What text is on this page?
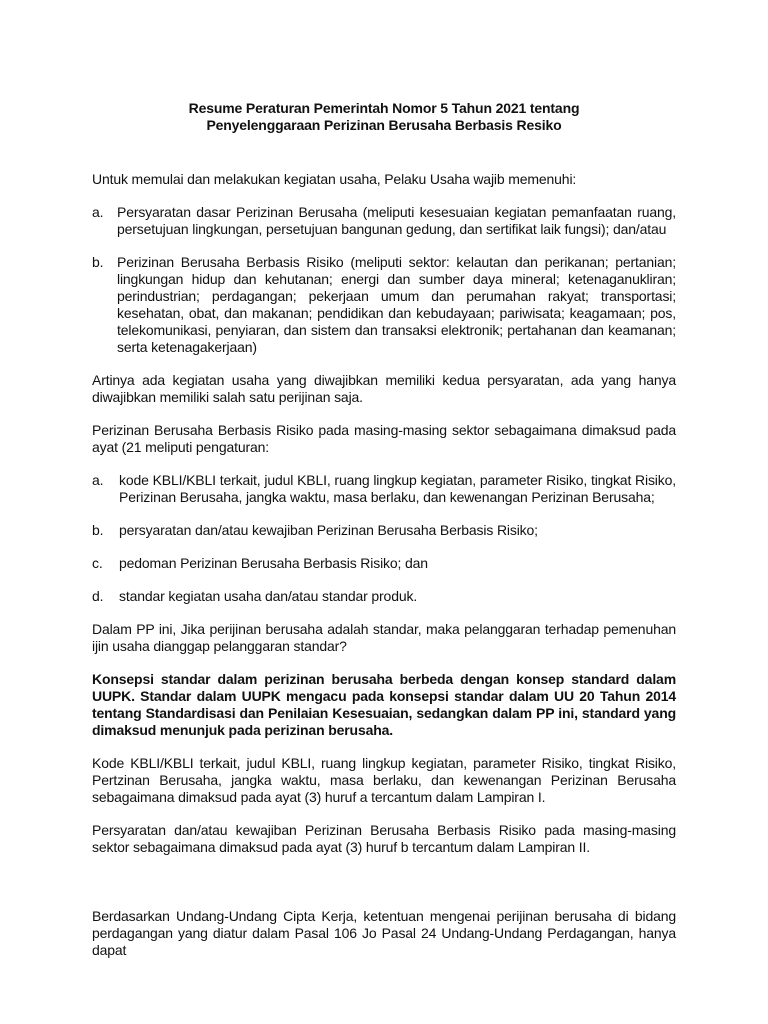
Resume Peraturan Pemerintah Nomor 5 Tahun 2021 tentang
Penyelenggaraan Perizinan Berusaha Berbasis Resiko

Untuk memulai dan melakukan kegiatan usaha, Pelaku Usaha wajib memenuhi:

a. Persyaratan dasar Perizinan Berusaha (meliputi kesesuaian kegiatan pemanfaatan ruang, persetujuan lingkungan, persetujuan bangunan gedung, dan sertifikat laik fungsi); dan/atau
b. Perizinan Berusaha Berbasis Risiko (meliputi sektor: kelautan dan perikanan; pertanian; lingkungan hidup dan kehutanan; energi dan sumber daya mineral; ketenaganukliran; perindustrian; perdagangan; pekerjaan umum dan perumahan rakyat; transportasi; kesehatan, obat, dan makanan; pendidikan dan kebudayaan; pariwisata; keagamaan; pos, telekomunikasi, penyiaran, dan sistem dan transaksi elektronik; pertahanan dan keamanan; serta ketenagakerjaan)

Artinya ada kegiatan usaha yang diwajibkan memiliki kedua persyaratan, ada yang hanya diwajibkan memiliki salah satu perijinan saja.

Perizinan Berusaha Berbasis Risiko pada masing-masing sektor sebagaimana dimaksud pada ayat (21 meliputi pengaturan:

a.	kode KBLI/KBLI terkait, judul KBLI, ruang lingkup kegiatan, parameter Risiko, tingkat Risiko, Perizinan Berusaha, jangka waktu, masa berlaku, dan kewenangan Perizinan Berusaha;
b.	persyaratan dan/atau kewajiban Perizinan Berusaha Berbasis Risiko;
c.	pedoman Perizinan Berusaha Berbasis Risiko; dan
d.	standar kegiatan usaha dan/atau standar produk.

Dalam PP ini, Jika perijinan berusaha adalah standar, maka pelanggaran terhadap pemenuhan ijin usaha dianggap pelanggaran standar?

Konsepsi standar dalam perizinan berusaha berbeda dengan konsep standard dalam UUPK. Standar dalam UUPK mengacu pada konsepsi standar dalam UU 20 Tahun 2014 tentang Standardisasi dan Penilaian Kesesuaian, sedangkan dalam PP ini, standard yang dimaksud menunjuk pada perizinan berusaha.

Kode KBLI/KBLI terkait, judul KBLI, ruang lingkup kegiatan, parameter Risiko, tingkat Risiko, Pertzinan Berusaha, jangka waktu, masa berlaku, dan kewenangan Perizinan Berusaha sebagaimana dimaksud pada ayat (3) huruf a tercantum dalam Lampiran I.

Persyaratan dan/atau kewajiban Perizinan Berusaha Berbasis Risiko pada masing-masing sektor sebagaimana dimaksud pada ayat (3) huruf b tercantum dalam Lampiran II.

Berdasarkan Undang-Undang Cipta Kerja, ketentuan mengenai perijinan berusaha di bidang perdagangan yang diatur dalam Pasal 106 Jo Pasal 24 Undang-Undang Perdagangan, hanya dapat
